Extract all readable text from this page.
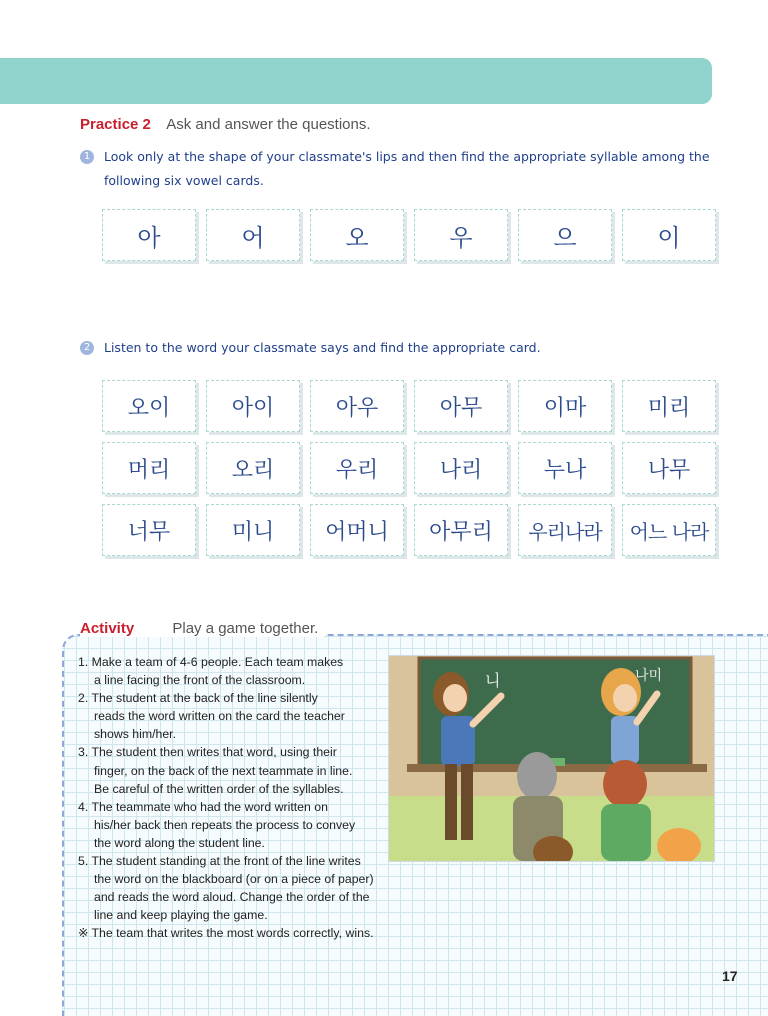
Practice 2 Ask and answer the questions.
1	Look only at the shape of your classmate's lips and then find the appropriate syllable among the following six vowel cards.
아	어	오	우	으	이
2	Listen to the word your classmate says and find the appropriate card.
오이	아이	아우	아무	이마	미리
머리	오리	우리	나리	누나	나무
너무	미니	어머니	아무리	우리나라	어느 나라
Activity	Play a game together.
1. Make a team of 4-6 people. Each team makes
a line facing the front of the classroom.
2. The student at the back of the line silently
reads the word written on the card the teacher
shows him/her.
3. The student then writes that word, using their
finger, on the back of the next teammate in line.
Be careful of the written order of the syllables.
4. The teammate who had the word written on
his/her back then repeats the process to convey
the word along the student line.
5. The student standing at the front of the line writes
the word on the blackboard (or on a piece of paper)
and reads the word aloud. Change the order of the
line and keep playing the game.
※ The team that writes the most words correctly, wins.
니	나미
17
